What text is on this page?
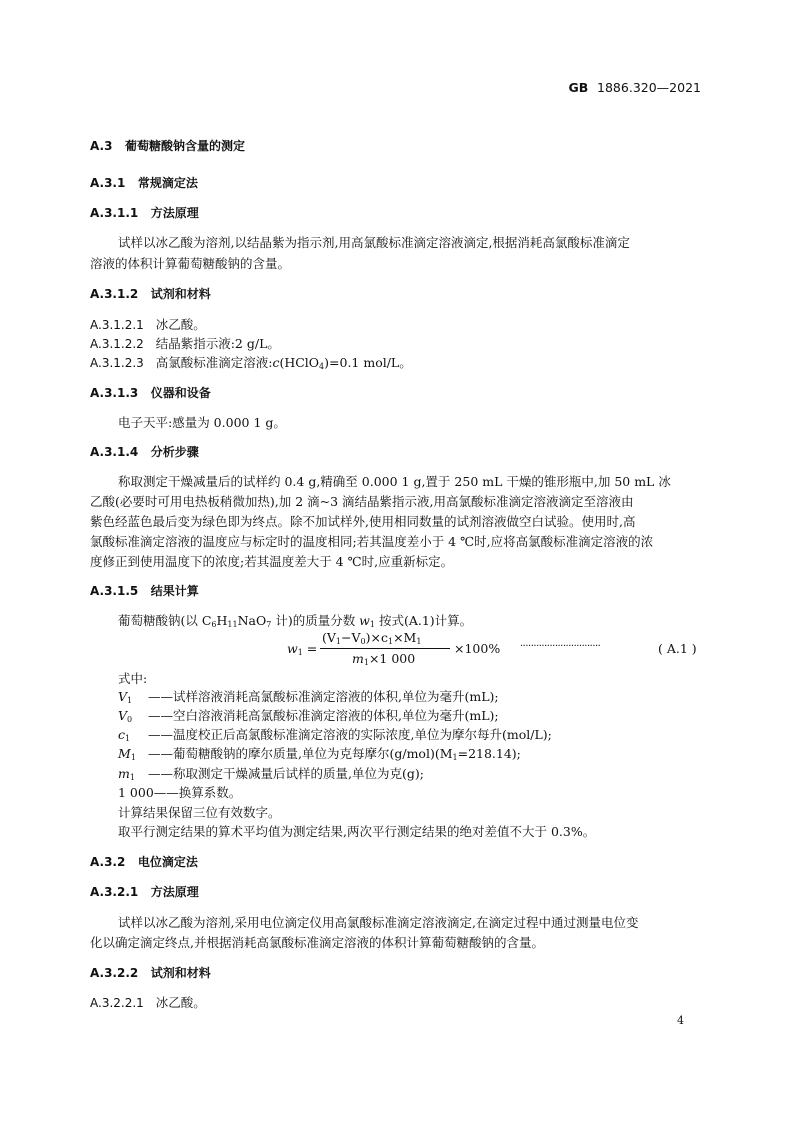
GB 1886.320—2021
A.3 葡萄糖酸钠含量的测定
A.3.1 常规滴定法
A.3.1.1 方法原理
试样以冰乙酸为溶剂,以结晶紫为指示剂,用高氯酸标准滴定溶液滴定,根据消耗高氯酸标准滴定
溶液的体积计算葡萄糖酸钠的含量。
A.3.1.2 试剂和材料
A.3.1.2.1 冰乙酸。
A.3.1.2.2 结晶紫指示液:2 g/L。
A.3.1.2.3 高氯酸标准滴定溶液:c(HClO$_4$)=0.1 mol/L。
A.3.1.3 仪器和设备
电子天平:感量为 0.000 1 g。
A.3.1.4 分析步骤
称取测定干燥减量后的试样约 0.4 g,精确至 0.000 1 g,置于 250 mL 干燥的锥形瓶中,加 50 mL 冰
乙酸(必要时可用电热板稍微加热),加 2 滴~3 滴结晶紫指示液,用高氯酸标准滴定溶液滴定至溶液由
紫色经蓝色最后变为绿色即为终点。除不加试样外,使用相同数量的试剂溶液做空白试验。使用时,高
氯酸标准滴定溶液的温度应与标定时的温度相同;若其温度差小于 4 ℃时,应将高氯酸标准滴定溶液的浓
度修正到使用温度下的浓度;若其温度差大于 4 ℃时,应重新标定。
A.3.1.5 结果计算
葡萄糖酸钠(以 $C_6H_{11}NaO_7$ 计)的质量分数 $w_1$ 按式(A.1)计算。
$w_1$ =
$(V_1-V_0)\times c_1\times M_1$
$m_1\times 1$ 000
×100% ······························	( A.1 )
式中:
$V_1$ ——试样溶液消耗高氯酸标准滴定溶液的体积,单位为毫升(mL);
$V_0$ ——空白溶液消耗高氯酸标准滴定溶液的体积,单位为毫升(mL);
$c_1$ ——温度校正后高氯酸标准滴定溶液的实际浓度,单位为摩尔每升(mol/L);
$M_1$ ——葡萄糖酸钠的摩尔质量,单位为克每摩尔$(g/mol)(M_1=218.14)$;
$m_1$ ——称取测定干燥减量后试样的质量,单位为克(g);
1 000——换算系数。
计算结果保留三位有效数字。
取平行测定结果的算术平均值为测定结果,两次平行测定结果的绝对差值不大于 0.3%。
A.3.2 电位滴定法
A.3.2.1 方法原理
试样以冰乙酸为溶剂,采用电位滴定仪用高氯酸标准滴定溶液滴定,在滴定过程中通过测量电位变
化以确定滴定终点,并根据消耗高氯酸标准滴定溶液的体积计算葡萄糖酸钠的含量。
A.3.2.2 试剂和材料
A.3.2.2.1 冰乙酸。
4
